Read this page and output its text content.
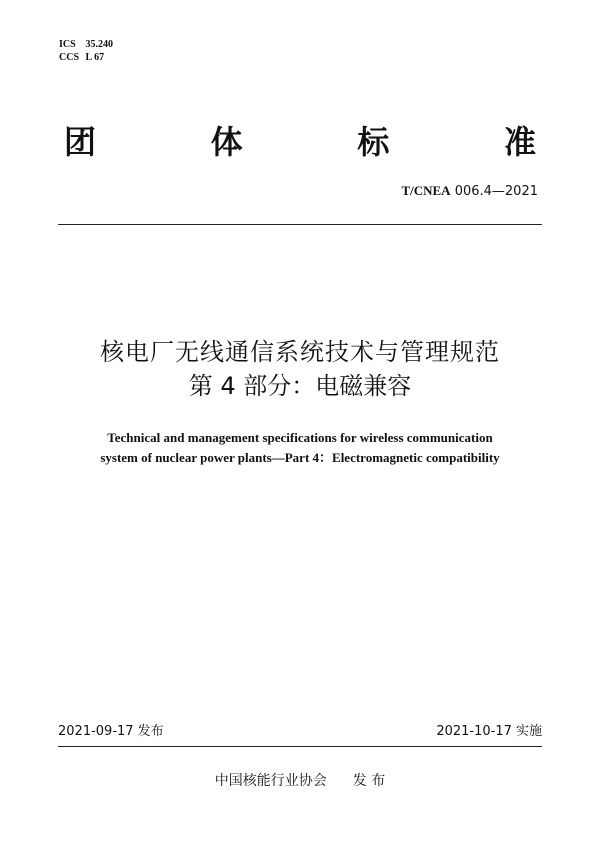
ICS 35.240
CCS L 67
团	体	标	准
T/CNEA 006.4—2021
核电厂无线通信系统技术与管理规范
第 4 部分：电磁兼容
Technical and management specifications for wireless communication
system of nuclear power plants—Part 4：Electromagnetic compatibility
2021-09-17 发布	2021-10-17 实施
中国核能行业协会 发 布
